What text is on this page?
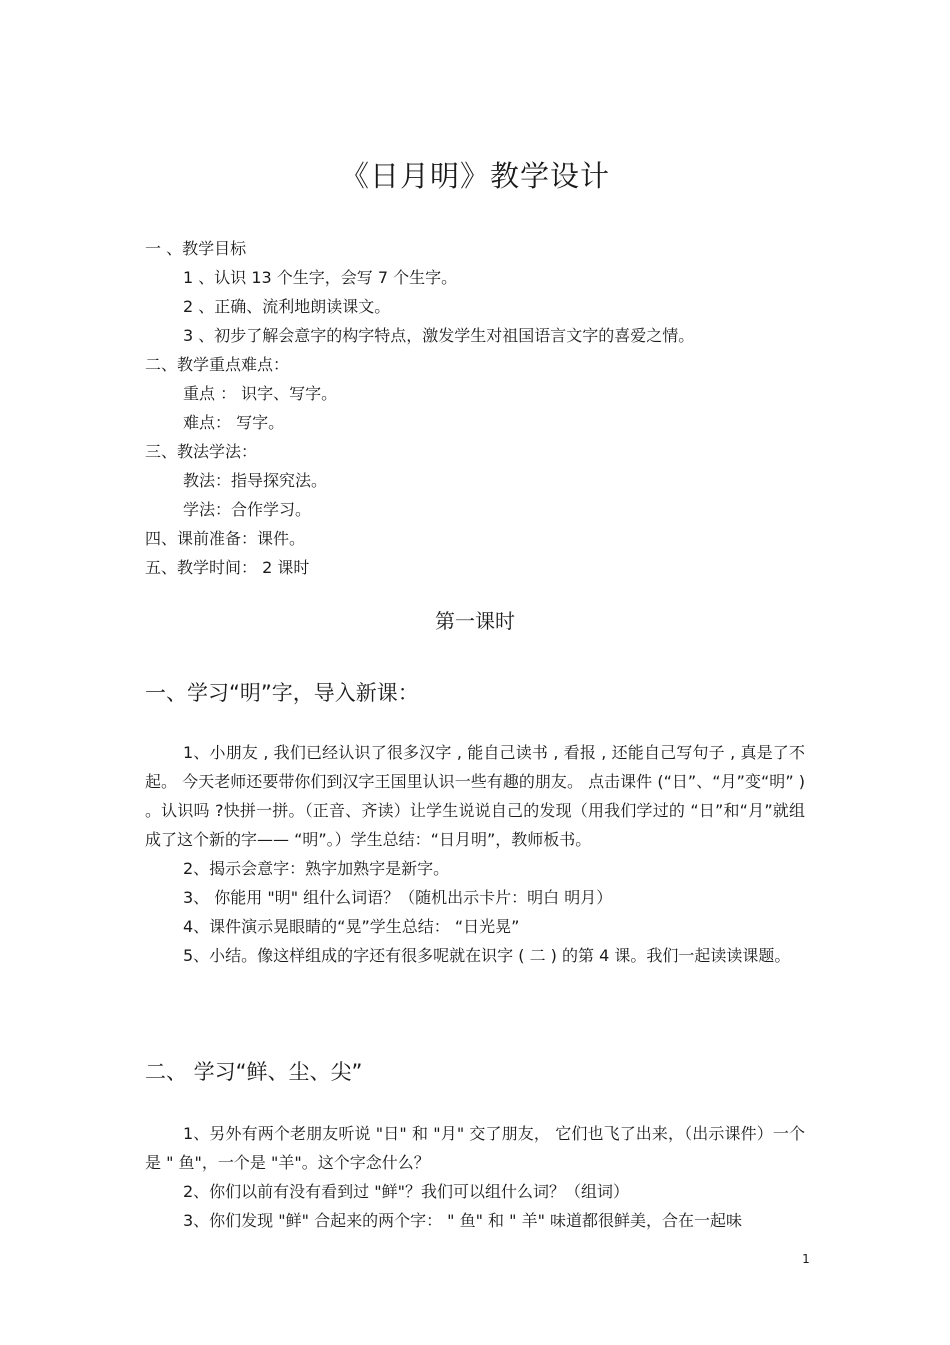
《日月明》教学设计
一 、教学目标
1 、认识 13 个生字，会写 7 个生字。
2 、正确、流利地朗读课文。
3 、初步了解会意字的构字特点，激发学生对祖国语言文字的喜爱之情。
二、教学重点难点：
重点 ： 识字、写字。
难点： 写字。
三、教法学法：
教法：指导探究法。
学法：合作学习。
四、课前准备：课件。
五、教学时间： 2 课时
第一课时
一、学习“明”字，导入新课：

1、小朋友 , 我们已经认识了很多汉字 , 能自己读书 , 看报 , 还能自己写句子 , 真是了不起。 今天老师还要带你们到汉字王国里认识一些有趣的朋友。 点击课件 (“日”、“月”变“明” ) 。认识吗 ?快拼一拼。（正音、齐读）让学生说说自己的发现（用我们学过的 “日”和“月”就组成了这个新的字—— “明”。）学生总结：“日月明”，教师板书。

2、揭示会意字：熟字加熟字是新字。
3、 你能用 "明" 组什么词语？（随机出示卡片：明白 明月）
4、课件演示晃眼睛的“晃”学生总结： “日光晃”

5、小结。像这样组成的字还有很多呢就在识字 ( 二 ) 的第 4 课。我们一起读读课题。

二、 学习“鲜、尘、尖”

1、另外有两个老朋友听说 "日" 和 "月" 交了朋友， 它们也飞了出来，（出示课件）一个是 " 鱼"，一个是 "羊"。这个字念什么？

2、你们以前有没有看到过 "鲜"？我们可以组什么词？（组词）
3、你们发现 "鲜" 合起来的两个字： " 鱼" 和 " 羊" 味道都很鲜美，合在一起味
1
